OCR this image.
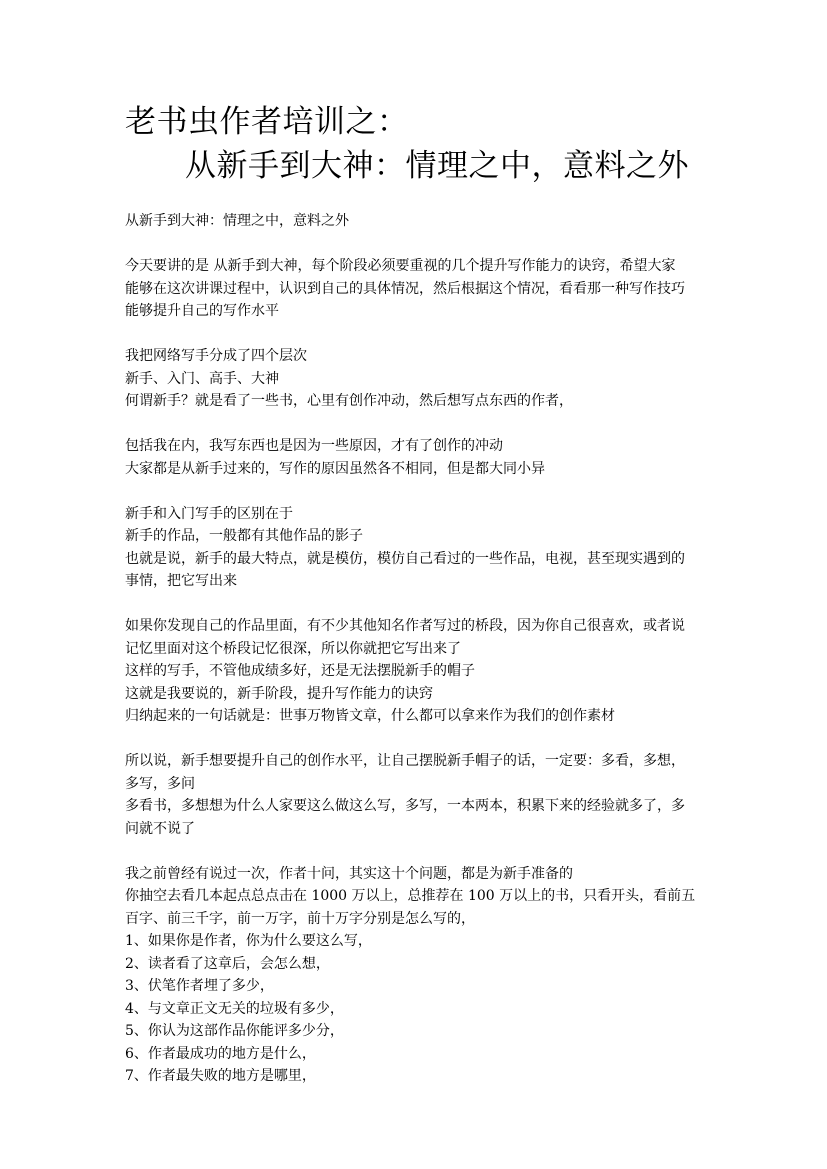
老书虫作者培训之：
从新手到大神：情理之中，意料之外
从新手到大神：情理之中，意料之外
今天要讲的是 从新手到大神，每个阶段必须要重视的几个提升写作能力的诀窍，希望大家
能够在这次讲课过程中，认识到自己的具体情况，然后根据这个情况，看看那一种写作技巧
能够提升自己的写作水平
我把网络写手分成了四个层次
新手、入门、高手、大神
何谓新手？就是看了一些书，心里有创作冲动，然后想写点东西的作者，
包括我在内，我写东西也是因为一些原因，才有了创作的冲动
大家都是从新手过来的，写作的原因虽然各不相同，但是都大同小异
新手和入门写手的区别在于
新手的作品，一般都有其他作品的影子
也就是说，新手的最大特点，就是模仿，模仿自己看过的一些作品，电视，甚至现实遇到的
事情，把它写出来
如果你发现自己的作品里面，有不少其他知名作者写过的桥段，因为你自己很喜欢，或者说
记忆里面对这个桥段记忆很深，所以你就把它写出来了
这样的写手，不管他成绩多好，还是无法摆脱新手的帽子
这就是我要说的，新手阶段，提升写作能力的诀窍
归纳起来的一句话就是：世事万物皆文章，什么都可以拿来作为我们的创作素材
所以说，新手想要提升自己的创作水平，让自己摆脱新手帽子的话，一定要：多看，多想，
多写，多问
多看书，多想想为什么人家要这么做这么写，多写，一本两本，积累下来的经验就多了，多
问就不说了
我之前曾经有说过一次，作者十问，其实这十个问题，都是为新手准备的
你抽空去看几本起点总点击在 1000 万以上，总推荐在 100 万以上的书，只看开头，看前五
百字、前三千字，前一万字，前十万字分别是怎么写的，
1、如果你是作者，你为什么要这么写，
2、读者看了这章后，会怎么想，
3、伏笔作者埋了多少，
4、与文章正文无关的垃圾有多少，
5、你认为这部作品你能评多少分，
6、作者最成功的地方是什么，
7、作者最失败的地方是哪里，
